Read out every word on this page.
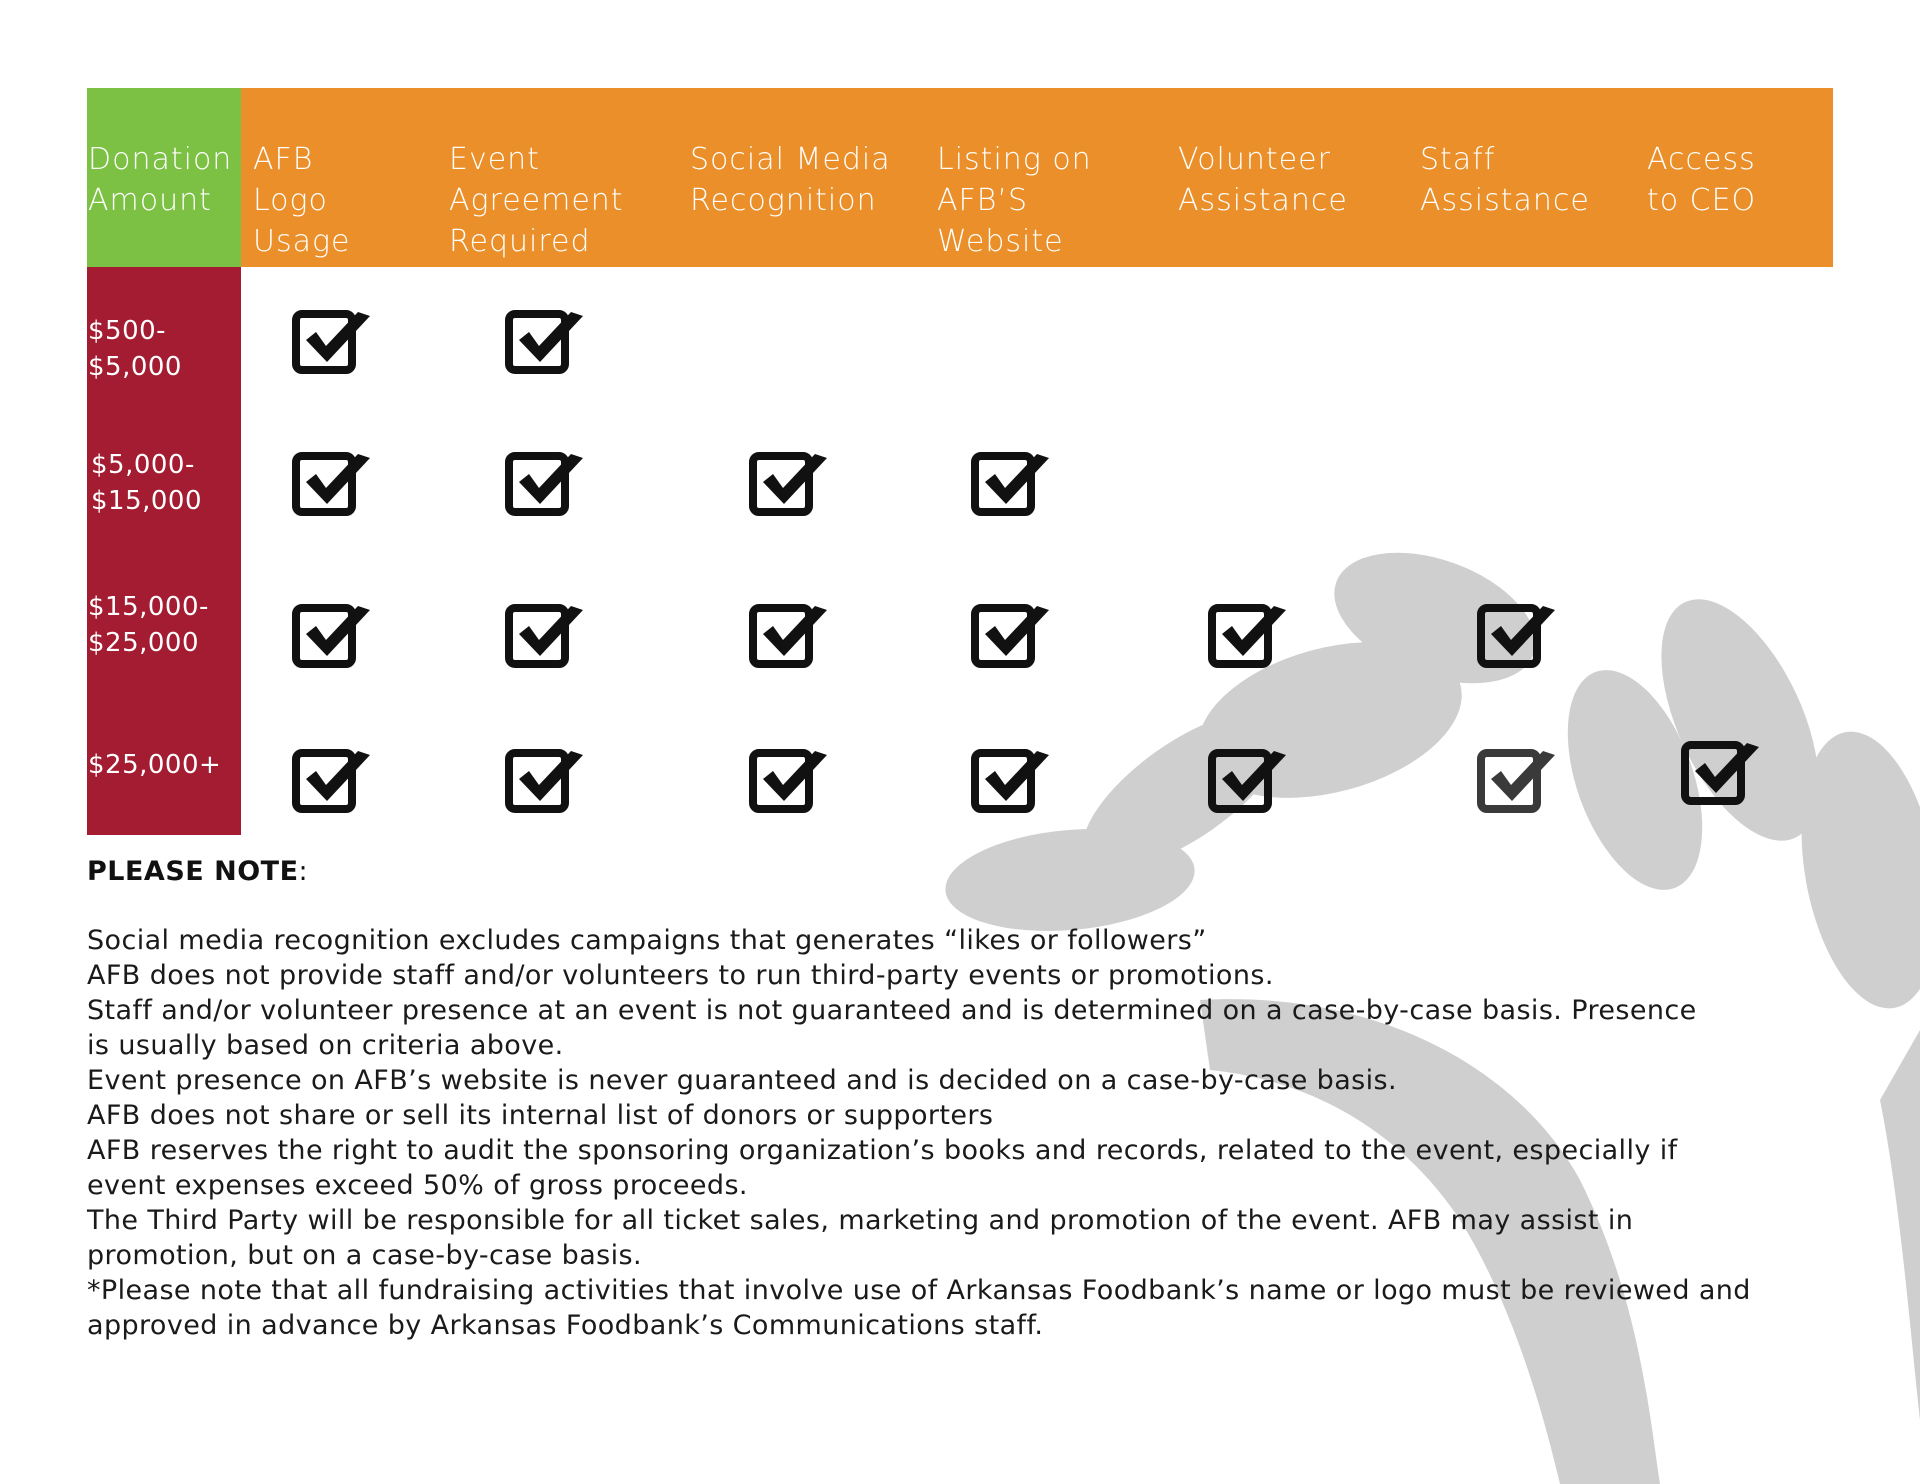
Donation
Amount
AFB
Logo
Usage
Event
Agreement
Required
Social Media
Recognition
Listing on
AFB’S
Website
Volunteer
Assistance
Staff
Assistance
Access
to CEO
$500-
$5,000
$5,000-
$15,000
$15,000-
$25,000
$25,000+
PLEASE NOTE:

Social media recognition excludes campaigns that generates “likes or followers”

AFB does not provide staff and/or volunteers to run third-party events or promotions.

Staff and/or volunteer presence at an event is not guaranteed and is determined on a case-by-case basis. Presence

is usually based on criteria above.

Event presence on AFB’s website is never guaranteed and is decided on a case-by-case basis.

AFB does not share or sell its internal list of donors or supporters

AFB reserves the right to audit the sponsoring organization’s books and records, related to the event, especially if

event expenses exceed 50% of gross proceeds.

The Third Party will be responsible for all ticket sales, marketing and promotion of the event. AFB may assist in

promotion, but on a case-by-case basis.

*Please note that all fundraising activities that involve use of Arkansas Foodbank’s name or logo must be reviewed and

approved in advance by Arkansas Foodbank’s Communications staff.
